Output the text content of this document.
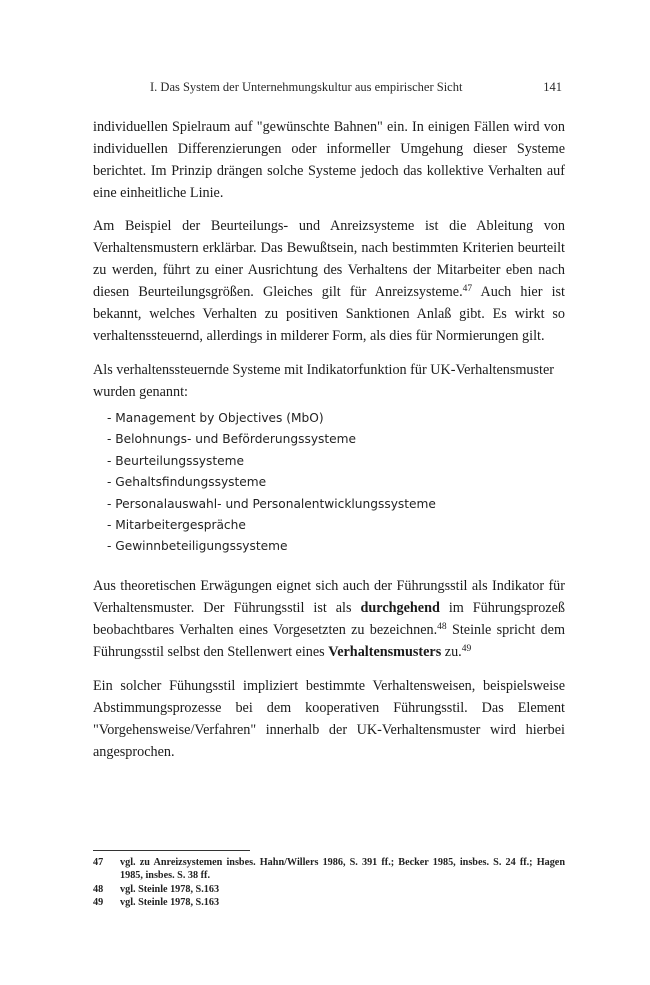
I. Das System der Unternehmungskultur aus empirischer Sicht	141

individuellen Spielraum auf "gewünschte Bahnen" ein. In einigen Fällen wird von individuellen Differenzierungen oder informeller Umgehung dieser Systeme berichtet. Im Prinzip drängen solche Systeme jedoch das kollektive Verhalten auf eine einheitliche Linie.

Am Beispiel der Beurteilungs- und Anreizsysteme ist die Ableitung von Verhaltensmustern erklärbar. Das Bewußtsein, nach bestimmten Kriterien beurteilt zu werden, führt zu einer Ausrichtung des Verhaltens der Mitarbeiter eben nach diesen Beurteilungsgrößen. Gleiches gilt für Anreizsysteme.$^{47}$ Auch hier ist bekannt, welches Verhalten zu positiven Sanktionen Anlaß gibt. Es wirkt so verhaltenssteuernd, allerdings in milderer Form, als dies für Normierungen gilt.

Als verhaltenssteuernde Systeme mit Indikatorfunktion für UK-Verhaltensmuster wurden genannt:

- Management by Objectives (MbO)
- Belohnungs- und Beförderungssysteme
- Beurteilungssysteme
- Gehaltsfindungssysteme
- Personalauswahl- und Personalentwicklungssysteme
- Mitarbeitergespräche
- Gewinnbeteiligungssysteme

Aus theoretischen Erwägungen eignet sich auch der Führungsstil als Indikator für Verhaltensmuster. Der Führungsstil ist als durchgehend im Führungsprozeß beobachtbares Verhalten eines Vorgesetzten zu bezeichnen.$^{48}$ Steinle spricht dem Führungsstil selbst den Stellenwert eines Verhaltensmusters zu.$^{49}$

Ein solcher Fühungsstil impliziert bestimmte Verhaltensweisen, beispielsweise Abstimmungsprozesse bei dem kooperativen Führungsstil. Das Element "Vorgehensweise/Verfahren" innerhalb der UK-Verhaltensmuster wird hierbei angesprochen.

47 vgl. zu Anreizsystemen insbes. Hahn/Willers 1986, S. 391 ff.; Becker 1985, insbes. S. 24 ff.; Hagen 1985, insbes. S. 38 ff.
48 vgl. Steinle 1978, S.163
49 vgl. Steinle 1978, S.163
